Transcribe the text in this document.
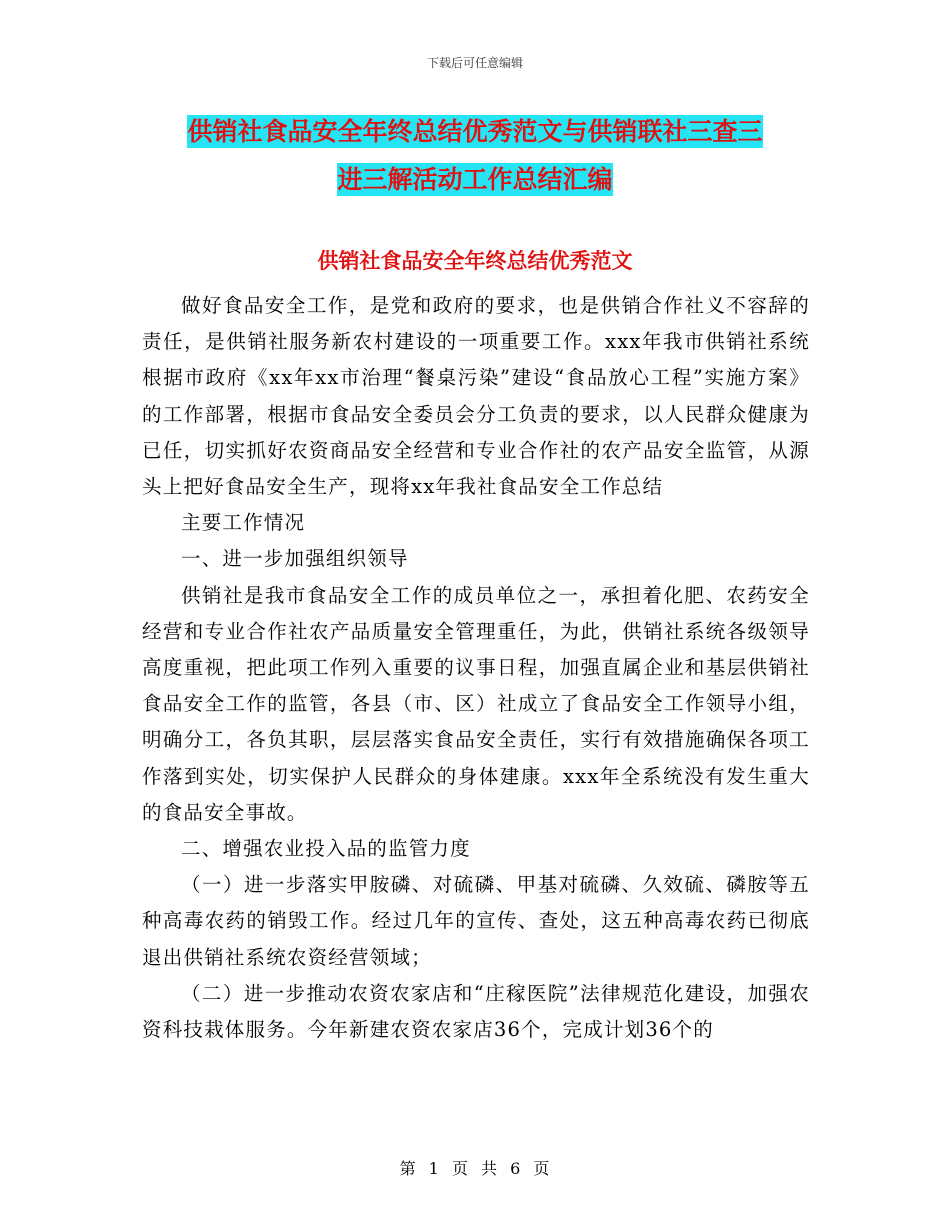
下载后可任意编辑
供销社食品安全年终总结优秀范文与供销联社三查三
进三解活动工作总结汇编
供销社食品安全年终总结优秀范文

做好食品安全工作，是党和政府的要求，也是供销合作社义不容辞的责任，是供销社服务新农村建设的一项重要工作。xxx年我市供销社系统根据市政府《xx年xx市治理“餐桌污染”建设“食品放心工程”实施方案》的工作部署，根据市食品安全委员会分工负责的要求，以人民群众健康为已任，切实抓好农资商品安全经营和专业合作社的农产品安全监管，从源头上把好食品安全生产，现将xx年我社食品安全工作总结

主要工作情况

一、进一步加强组织领导

供销社是我市食品安全工作的成员单位之一，承担着化肥、农药安全经营和专业合作社农产品质量安全管理重任，为此，供销社系统各级领导高度重视，把此项工作列入重要的议事日程，加强直属企业和基层供销社食品安全工作的监管，各县（市、区）社成立了食品安全工作领导小组，明确分工，各负其职，层层落实食品安全责任，实行有效措施确保各项工作落到实处，切实保护人民群众的身体建康。xxx年全系统没有发生重大的食品安全事故。

二、增强农业投入品的监管力度

（一）进一步落实甲胺磷、对硫磷、甲基对硫磷、久效硫、磷胺等五种高毒农药的销毁工作。经过几年的宣传、查处，这五种高毒农药已彻底退出供销社系统农资经营领域；

（二）进一步推动农资农家店和“庄稼医院”法律规范化建设，加强农资科技栽体服务。今年新建农资农家店36个，完成计划36个的

第 1 页 共 6 页
